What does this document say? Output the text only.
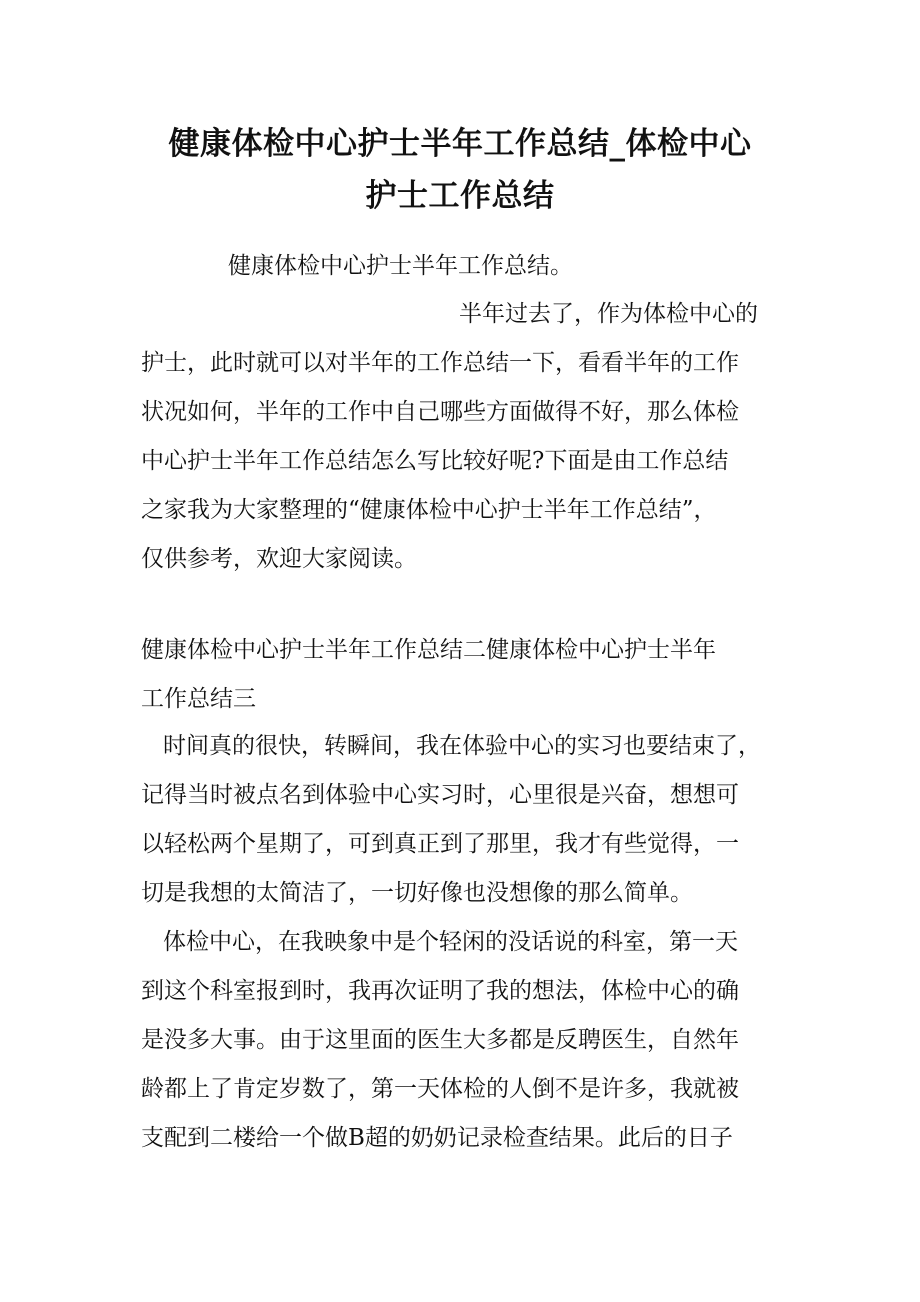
健康体检中心护士半年工作总结_体检中心
护士工作总结

健康体检中心护士半年工作总结。

半年过去了，作为体检中心的
护士，此时就可以对半年的工作总结一下，看看半年的工作
状况如何，半年的工作中自己哪些方面做得不好，那么体检
中心护士半年工作总结怎么写比较好呢?下面是由工作总结
之家我为大家整理的“健康体检中心护士半年工作总结”，
仅供参考，欢迎大家阅读。

健康体检中心护士半年工作总结二健康体检中心护士半年
工作总结三

时间真的很快，转瞬间，我在体验中心的实习也要结束了，
记得当时被点名到体验中心实习时，心里很是兴奋，想想可
以轻松两个星期了，可到真正到了那里，我才有些觉得，一
切是我想的太简洁了，一切好像也没想像的那么简单。

体检中心，在我映象中是个轻闲的没话说的科室，第一天
到这个科室报到时，我再次证明了我的想法，体检中心的确
是没多大事。由于这里面的医生大多都是反聘医生，自然年
龄都上了肯定岁数了，第一天体检的人倒不是许多，我就被
支配到二楼给一个做B超的奶奶记录检查结果。此后的日子
